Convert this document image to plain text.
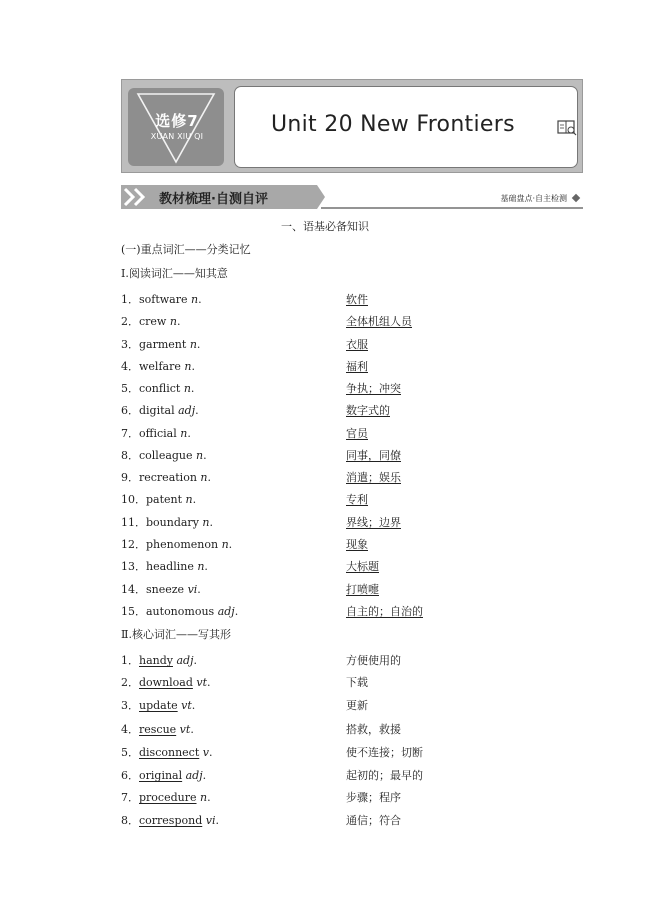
选修7
XUAN XIU QI	Unit 20 New Frontiers
教材梳理·自测自评	基础盘点·自主检测
一、语基必备知识
(一)重点词汇——分类记忆
Ⅰ.阅读词汇——知其意
1．software n.	软件
2．crew n.	全体机组人员
3．garment n.	衣服
4．welfare n.	福利
5．conflict n.	争执；冲突
6．digital adj.	数字式的
7．official n.	官员
8．colleague n.	同事，同僚
9．recreation n.	消遣；娱乐
10．patent n.	专利
11．boundary n.	界线；边界
12．phenomenon n.	现象
13．headline n.	大标题
14．sneeze vi.	打喷嚏
15．autonomous adj.	自主的；自治的
Ⅱ.核心词汇——写其形
1．handy adj.	方便使用的
2．download vt.	下载
3．update vt.	更新
4．rescue vt.	搭救，救援
5．disconnect v.	使不连接；切断
6．original adj.	起初的；最早的
7．procedure n.	步骤；程序
8．correspond vi.	通信；符合
